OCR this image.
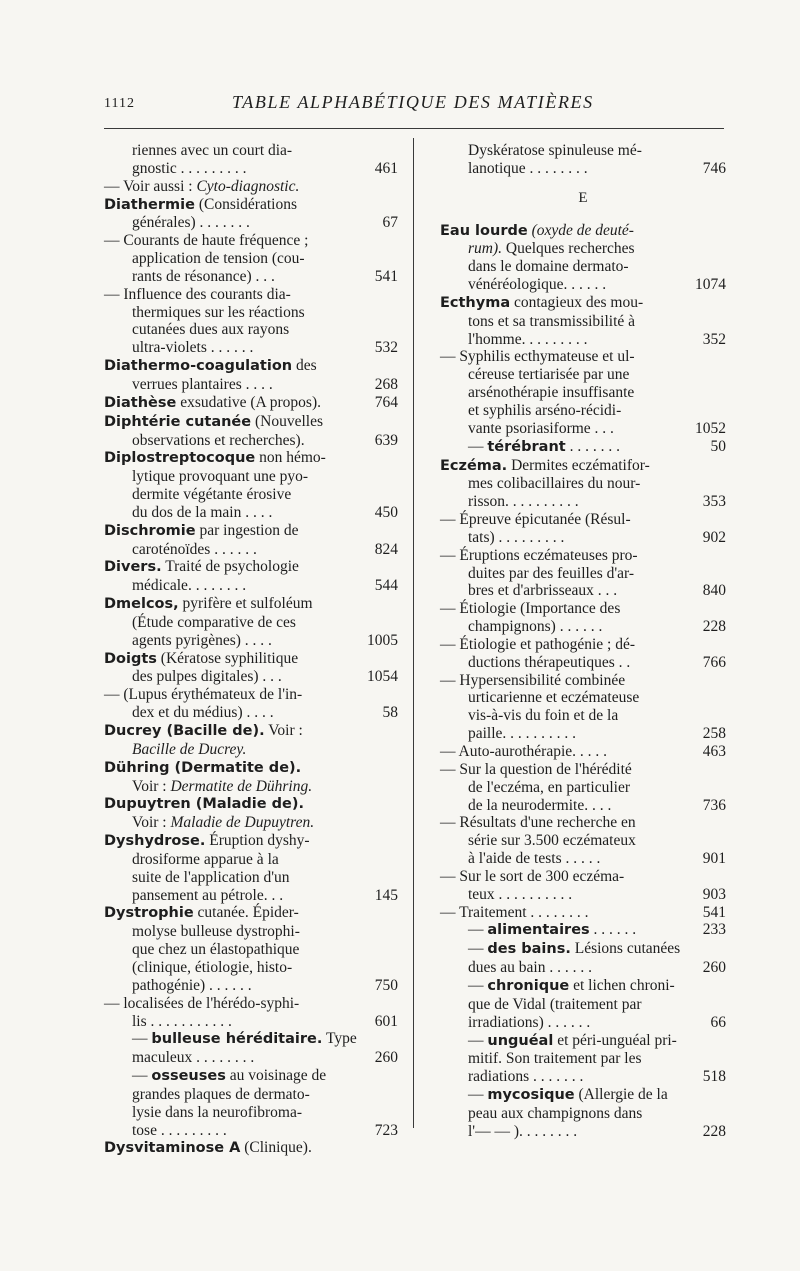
1112	TABLE ALPHABÉTIQUE DES MATIÈRES
riennes avec un court dia-
gnostic . . . . . . . . .	461
— Voir aussi : Cyto-diagnostic.
Diathermie (Considérations
générales) . . . . . . .	67
— Courants de haute fréquence ;
application de tension (cou-
rants de résonance) . . .	541
— Influence des courants dia-
thermiques sur les réactions
cutanées dues aux rayons
ultra-violets . . . . . .	532
Diathermo-coagulation des
verrues plantaires . . . .	268
Diathèse exsudative (A propos).	764
Diphtérie cutanée (Nouvelles
observations et recherches).	639
Diplostreptocoque non hémo-
lytique provoquant une pyo-
dermite végétante érosive
du dos de la main . . . .	450
Dischromie par ingestion de
caroténoïdes . . . . . .	824
Divers. Traité de psychologie
médicale. . . . . . . .	544
Dmelcos, pyrifère et sulfoléum
(Étude comparative de ces
agents pyrigènes) . . . .	1005
Doigts (Kératose syphilitique
des pulpes digitales) . . .	1054
— (Lupus érythémateux de l'in-
dex et du médius) . . . .	58
Ducrey (Bacille de). Voir :
Bacille de Ducrey.
Dühring (Dermatite de).
Voir : Dermatite de Dühring.
Dupuytren (Maladie de).
Voir : Maladie de Dupuytren.
Dyshydrose. Éruption dyshy-
drosiforme apparue à la
suite de l'application d'un
pansement au pétrole. . .	145
Dystrophie cutanée. Épider-
molyse bulleuse dystrophi-
que chez un élastopathique
(clinique, étiologie, histo-
pathogénie) . . . . . .	750
— localisées de l'hérédo-syphi-
lis . . . . . . . . . . .	601
— bulleuse héréditaire. Type
maculeux . . . . . . . .	260
— osseuses au voisinage de
grandes plaques de dermato-
lysie dans la neurofibroma-
tose . . . . . . . . .	723
Dysvitaminose A (Clinique).
Dyskératose spinuleuse mé-
lanotique . . . . . . . .	746
E
Eau lourde (oxyde de deuté-
rum). Quelques recherches
dans le domaine dermato-
vénéréologique. . . . . .	1074
Ecthyma contagieux des mou-
tons et sa transmissibilité à
l'homme. . . . . . . . .	352
— Syphilis ecthymateuse et ul-
céreuse tertiarisée par une
arsénothérapie insuffisante
et syphilis arséno-récidi-
vante psoriasiforme . . .	1052
— térébrant . . . . . . .	50
Eczéma. Dermites eczématifor-
mes colibacillaires du nour-
risson. . . . . . . . . .	353
— Épreuve épicutanée (Résul-
tats) . . . . . . . . .	902
— Éruptions eczémateuses pro-
duites par des feuilles d'ar-
bres et d'arbrisseaux . . .	840
— Étiologie (Importance des
champignons) . . . . . .	228
— Étiologie et pathogénie ; dé-
ductions thérapeutiques . .	766
— Hypersensibilité combinée
urticarienne et eczémateuse
vis-à-vis du foin et de la
paille. . . . . . . . . .	258
— Auto-aurothérapie. . . . .	463
— Sur la question de l'hérédité
de l'eczéma, en particulier
de la neurodermite. . . .	736
— Résultats d'une recherche en
série sur 3.500 eczémateux
à l'aide de tests . . . . .	901
— Sur le sort de 300 eczéma-
teux . . . . . . . . . .	903
— Traitement . . . . . . . .	541
— alimentaires . . . . . .	233
— des bains. Lésions cutanées
dues au bain . . . . . .	260
— chronique et lichen chroni-
que de Vidal (traitement par
irradiations) . . . . . .	66
— unguéal et péri-unguéal pri-
mitif. Son traitement par les
radiations . . . . . . .	518
— mycosique (Allergie de la
peau aux champignons dans
l'— — ). . . . . . . .	228
